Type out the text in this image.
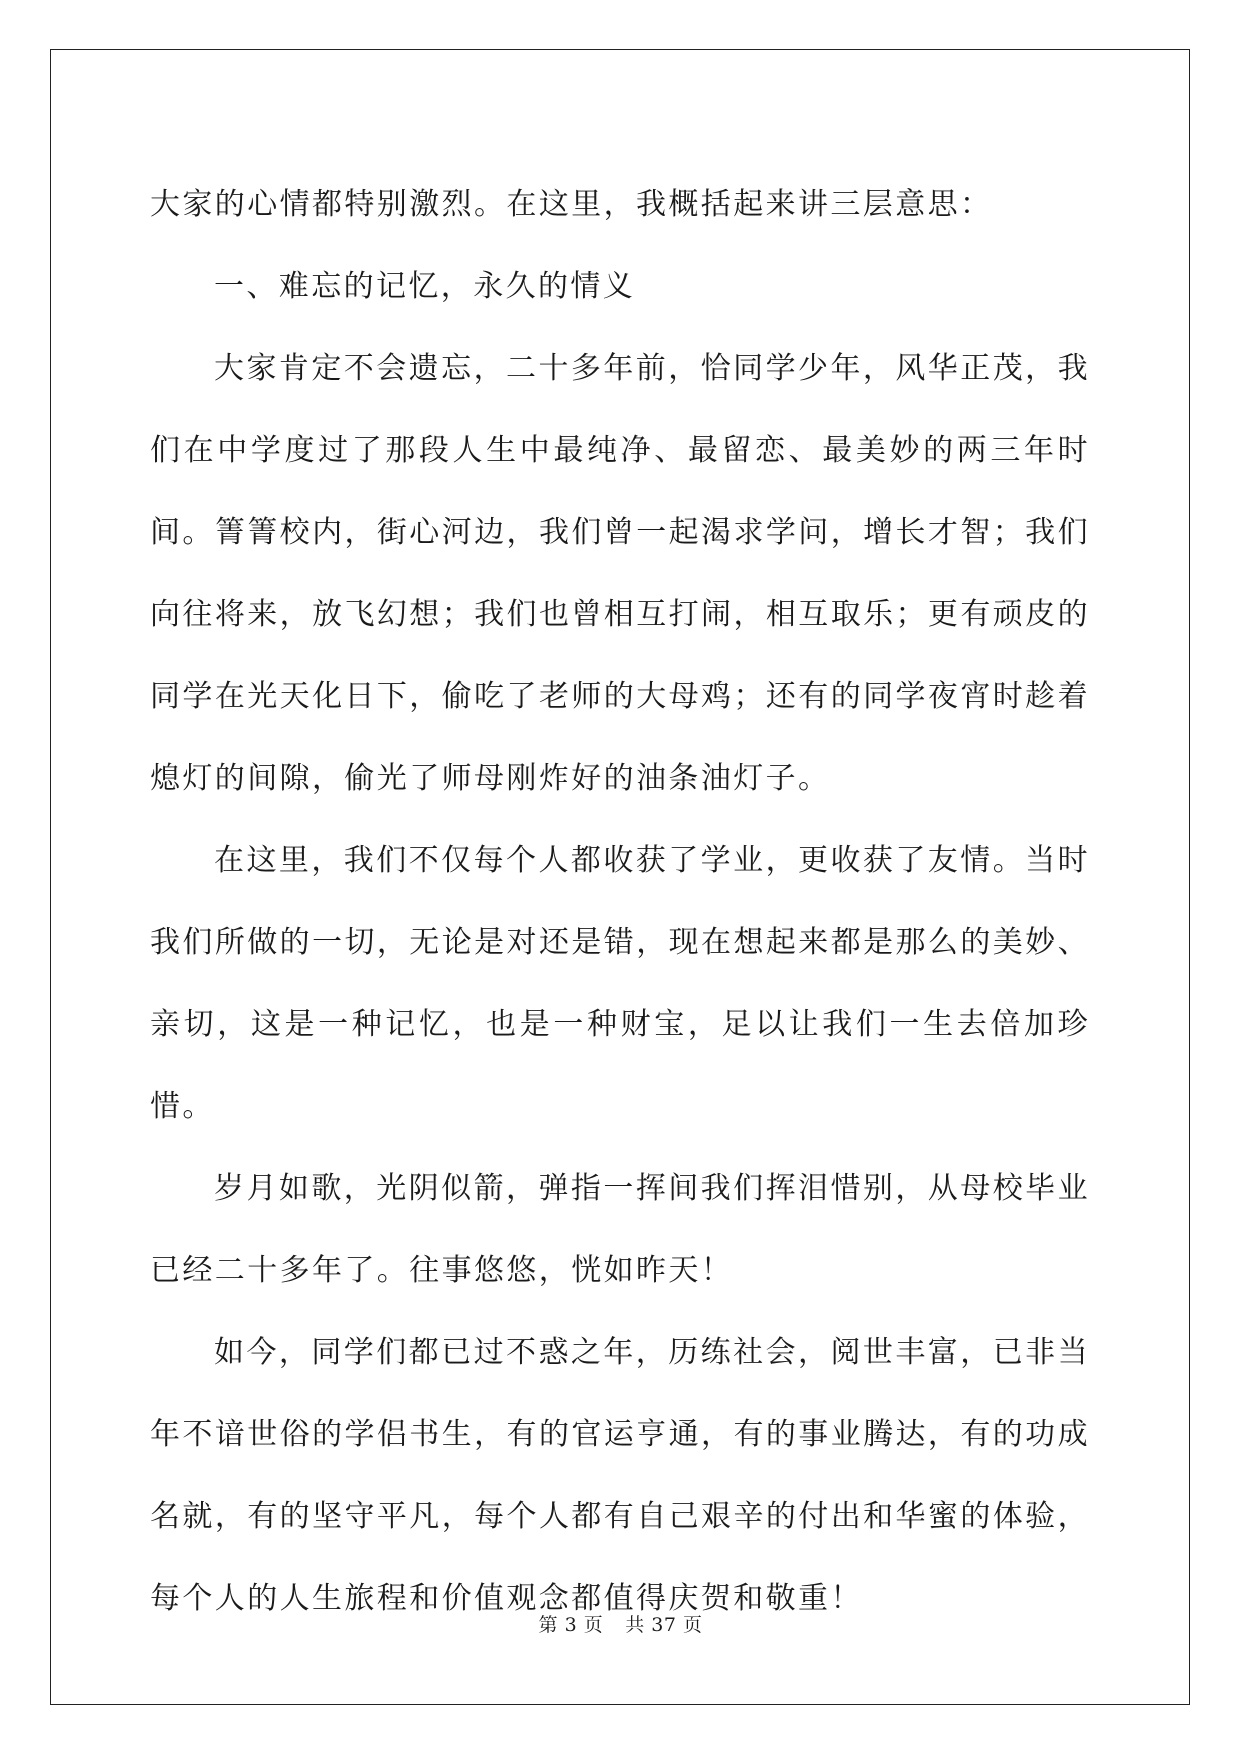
大家的心情都特别激烈。在这里，我概括起来讲三层意思：

一、难忘的记忆，永久的情义

大家肯定不会遗忘，二十多年前，恰同学少年，风华正茂，我们在中学度过了那段人生中最纯净、最留恋、最美妙的两三年时间。箐箐校内，街心河边，我们曾一起渴求学问，增长才智；我们向往将来，放飞幻想；我们也曾相互打闹，相互取乐；更有顽皮的同学在光天化日下，偷吃了老师的大母鸡；还有的同学夜宵时趁着熄灯的间隙，偷光了师母刚炸好的油条油灯子。

在这里，我们不仅每个人都收获了学业，更收获了友情。当时我们所做的一切，无论是对还是错，现在想起来都是那么的美妙、亲切，这是一种记忆，也是一种财宝，足以让我们一生去倍加珍惜。

岁月如歌，光阴似箭，弹指一挥间我们挥泪惜别，从母校毕业已经二十多年了。往事悠悠，恍如昨天！

如今，同学们都已过不惑之年，历练社会，阅世丰富，已非当年不谙世俗的学侣书生，有的官运亨通，有的事业腾达，有的功成名就，有的坚守平凡，每个人都有自己艰辛的付出和华蜜的体验，每个人的人生旅程和价值观念都值得庆贺和敬重！

第 3 页 共 37 页
